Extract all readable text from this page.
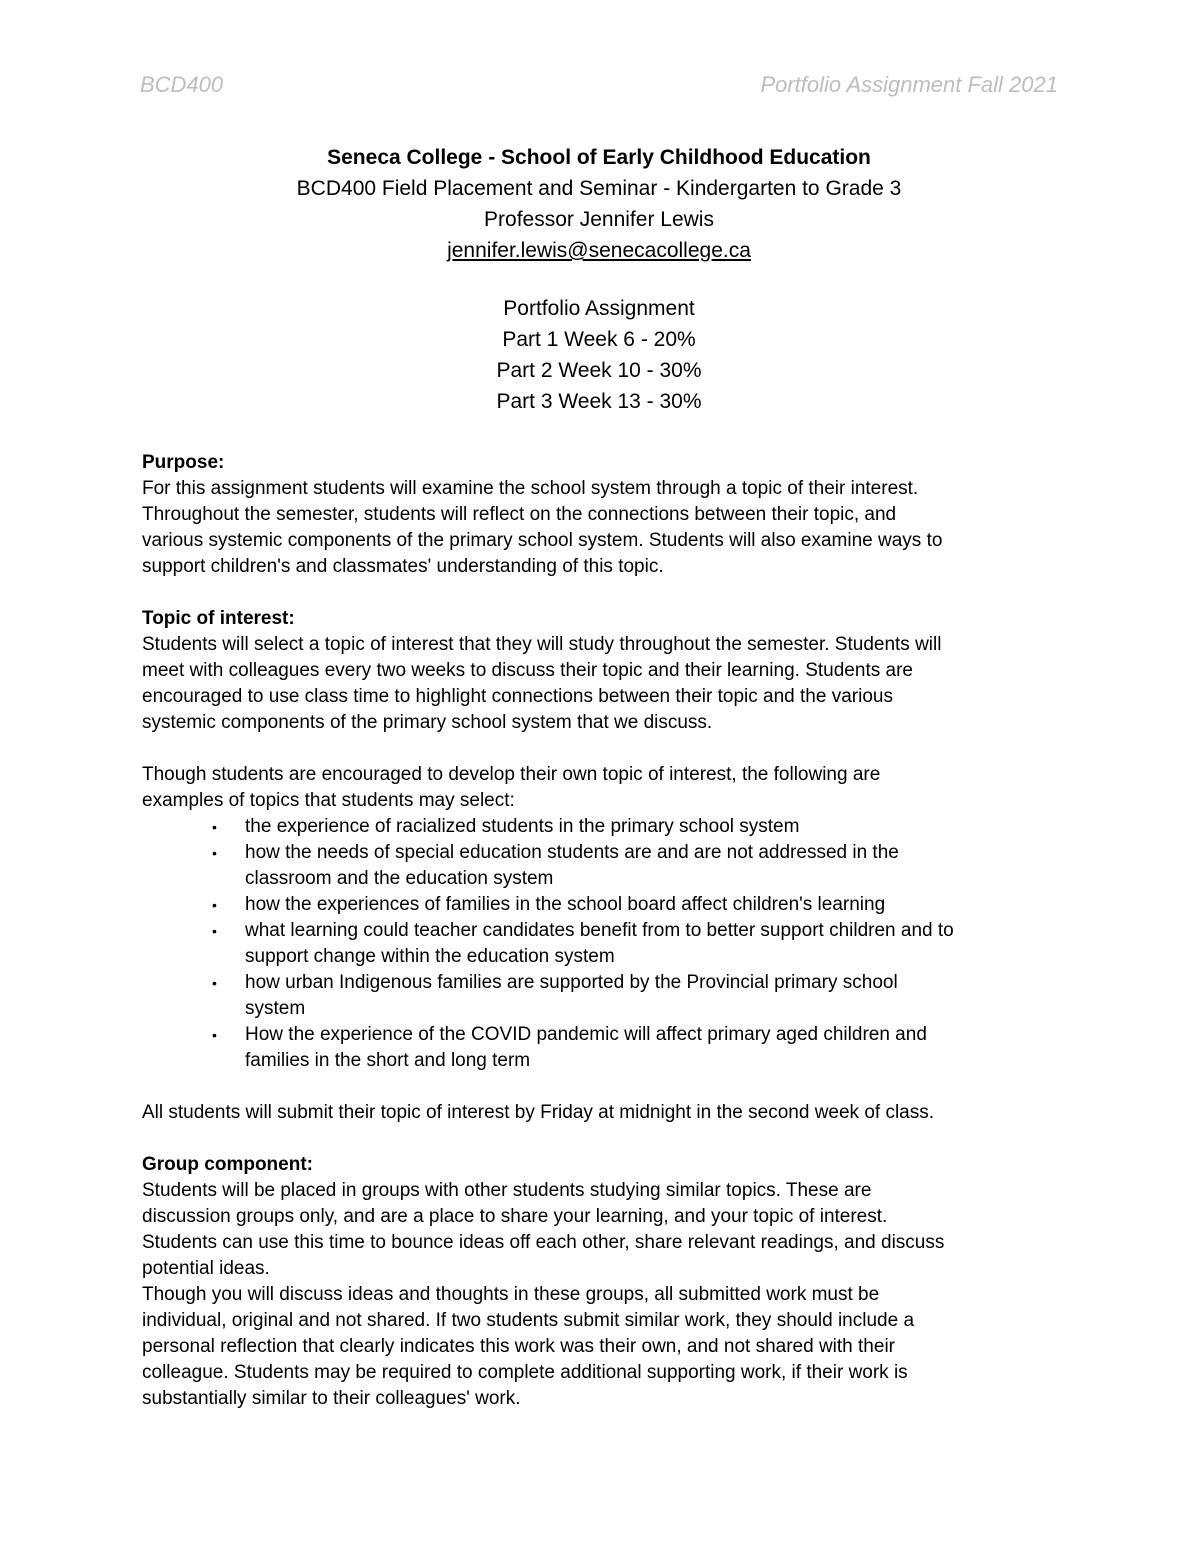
BCD400	Portfolio Assignment Fall 2021
Seneca College - School of Early Childhood Education
BCD400 Field Placement and Seminar - Kindergarten to Grade 3
Professor Jennifer Lewis
jennifer.lewis@senecacollege.ca
Portfolio Assignment
Part 1 Week 6 - 20%
Part 2 Week 10 - 30%
Part 3 Week 13 - 30%

Purpose:

For this assignment students will examine the school system through a topic of their interest.

Throughout the semester, students will reflect on the connections between their topic, and

various systemic components of the primary school system. Students will also examine ways to

support children's and classmates' understanding of this topic.

Topic of interest:

Students will select a topic of interest that they will study throughout the semester. Students will

meet with colleagues every two weeks to discuss their topic and their learning. Students are

encouraged to use class time to highlight connections between their topic and the various

systemic components of the primary school system that we discuss.

Though students are encouraged to develop their own topic of interest, the following are

examples of topics that students may select:

• the experience of racialized students in the primary school system
• how the needs of special education students are and are not addressed in the
classroom and the education system
• how the experiences of families in the school board affect children's learning
• what learning could teacher candidates benefit from to better support children and to
support change within the education system
• how urban Indigenous families are supported by the Provincial primary school
system
• How the experience of the COVID pandemic will affect primary aged children and
families in the short and long term

All students will submit their topic of interest by Friday at midnight in the second week of class.

Group component:

Students will be placed in groups with other students studying similar topics. These are

discussion groups only, and are a place to share your learning, and your topic of interest.

Students can use this time to bounce ideas off each other, share relevant readings, and discuss

potential ideas.

Though you will discuss ideas and thoughts in these groups, all submitted work must be

individual, original and not shared. If two students submit similar work, they should include a

personal reflection that clearly indicates this work was their own, and not shared with their

colleague. Students may be required to complete additional supporting work, if their work is

substantially similar to their colleagues' work.
